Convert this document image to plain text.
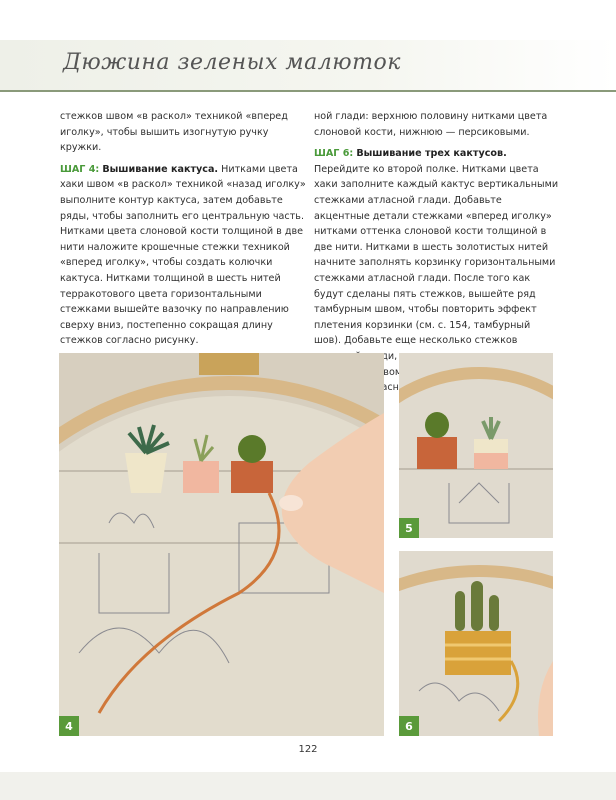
Дюжина зеленых малюток

стежков швом «в раскол» техникой «вперед иголку», чтобы вышить изогнутую ручку кружки.

ШАГ 4: Вышивание кактуса. Нитками цвета хаки швом «в раскол» техникой «назад иголку» выполните контур кактуса, затем добавьте ряды, чтобы заполнить его центральную часть. Нитками цвета слоновой кости толщиной в две нити наложите крошечные стежки техникой «вперед иголку», чтобы создать колючки кактуса. Нитками толщиной в шесть нитей терракотового цвета горизонтальными стежками вышейте вазочку по направлению сверху вниз, постепенно сокращая длину стежков согласно рисунку.

ной глади: верхнюю половину нитками цвета слоновой кости, нижнюю — персиковыми.

ШАГ 6: Вышивание трех кактусов. Перейдите ко второй полке. Нитками цвета хаки заполните каждый кактус вертикальными стежками атласной глади. Добавьте акцентные детали стежками «вперед иголку» нитками оттенка слоновой кости толщиной в две нити. Нитками в шесть золотистых нитей начните заполнять корзинку горизонтальными стежками атласной глади. После того как будут сделаны пять стежков, вышейте ряд тамбурным швом, чтобы повторить эффект плетения корзинки (см. с. 154, тамбурный шов). Добавьте еще несколько стежков швом атласной

4
5
6
122
